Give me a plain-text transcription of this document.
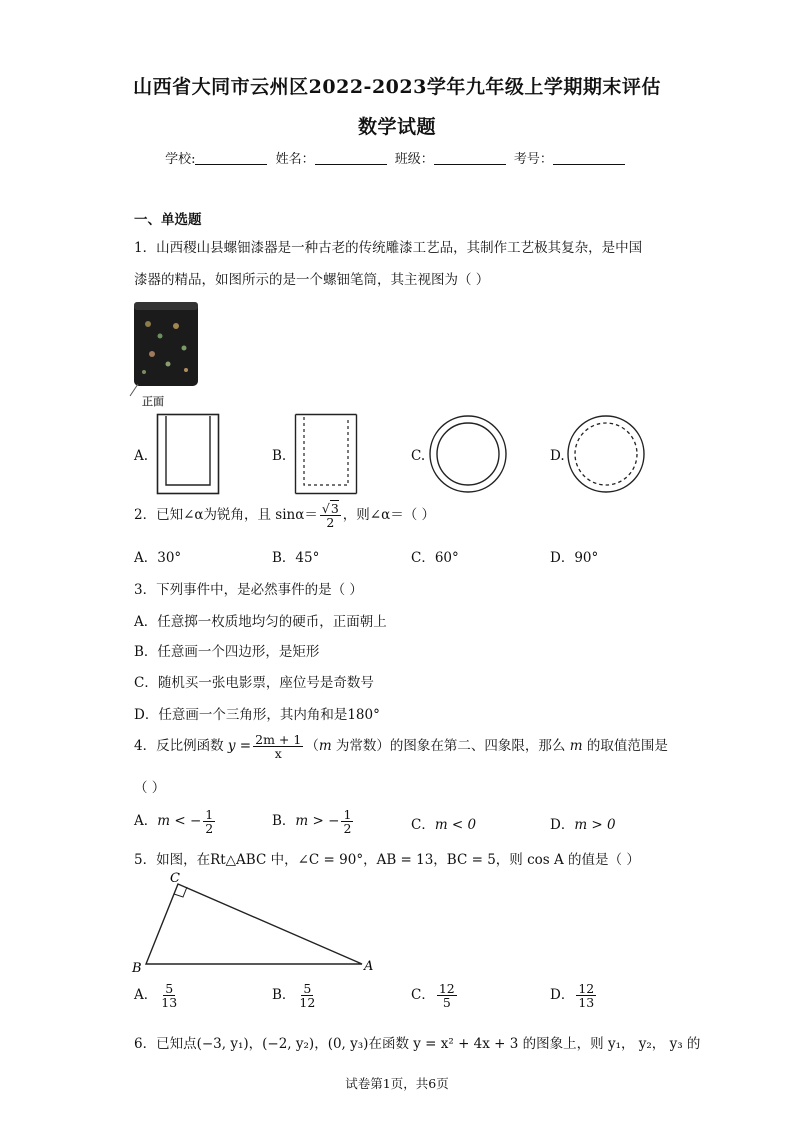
山西省大同市云州区2022-2023学年九年级上学期期末评估
数学试题
学校:	姓名：	班级：	考号：
一、单选题
1．山西稷山县螺钿漆器是一种古老的传统雕漆工艺品，其制作工艺极其复杂，是中国
漆器的精品，如图所示的是一个螺钿笔筒，其主视图为（ ）
正面
A.	B.	C.	D.
2．已知∠α为锐角，且 $\sin\alpha= \frac{√3}{2}$ ，则∠α＝（ ）
A．30°	B．45°	C．60°	D．90°
3．下列事件中，是必然事件的是（ ）
A．任意掷一枚质地均匀的硬币，正面朝上
B．任意画一个四边形，是矩形
C．随机买一张电影票，座位号是奇数号
D．任意画一个三角形，其内角和是180°
4．反比例函数 $y = \frac{2m + 1}{x} (m$ 为常数）的图象在第二、四象限，那么 m 的取值范围是
（ ）
A．m < − $\frac{1}{2}$	B．m > − $\frac{1}{2}$	C．m < 0	D．m > 0
5．如图，在Rt△ABC 中，∠C = 90°，AB = 13，BC = 5，则 cos A 的值是（ ）
C
B	A
A． $\frac{5}{13}$	B． $\frac{5}{12}$	C． $\frac{12}{5}$	D． $\frac{12}{13}$
6．已知点(−3, y₁)，(−2, y₂)，(0, y₃)在函数 y = x² + 4x + 3 的图象上，则 y₁， y₂， y₃ 的
试卷第1页，共6页
